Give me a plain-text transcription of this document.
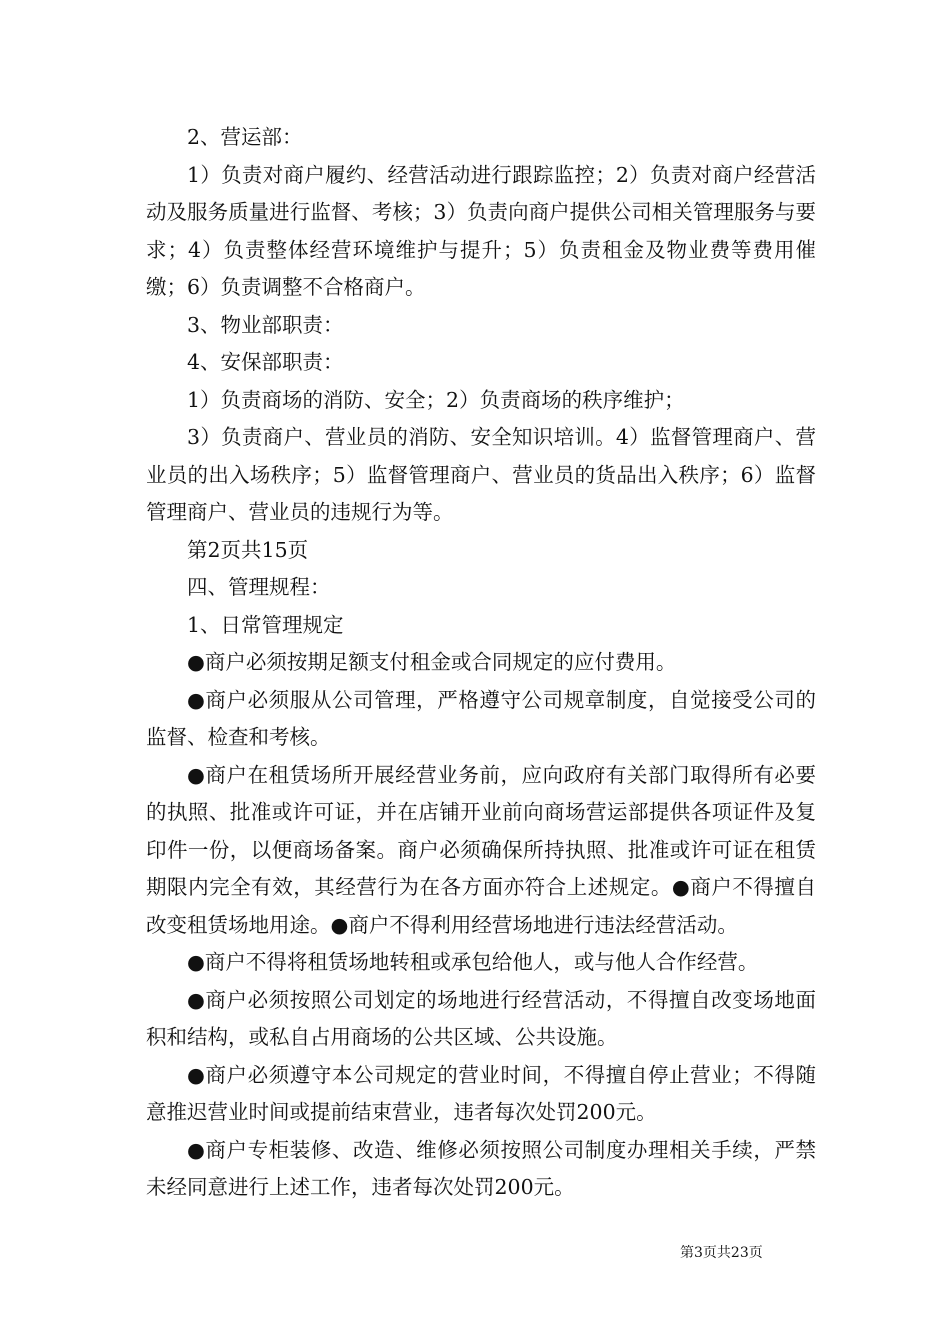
2、营运部：

1）负责对商户履约、经营活动进行跟踪监控；2）负责对商户经营活动及服务质量进行监督、考核；3）负责向商户提供公司相关管理服务与要求；4）负责整体经营环境维护与提升；5）负责租金及物业费等费用催缴；6）负责调整不合格商户。

3、物业部职责：

4、安保部职责：

1）负责商场的消防、安全；2）负责商场的秩序维护；

3）负责商户、营业员的消防、安全知识培训。4）监督管理商户、营业员的出入场秩序；5）监督管理商户、营业员的货品出入秩序；6）监督管理商户、营业员的违规行为等。

第2页共15页

四、管理规程：

1、日常管理规定

●商户必须按期足额支付租金或合同规定的应付费用。

●商户必须服从公司管理，严格遵守公司规章制度，自觉接受公司的监督、检查和考核。

●商户在租赁场所开展经营业务前，应向政府有关部门取得所有必要的执照、批准或许可证，并在店铺开业前向商场营运部提供各项证件及复印件一份，以便商场备案。商户必须确保所持执照、批准或许可证在租赁期限内完全有效，其经营行为在各方面亦符合上述规定。●商户不得擅自改变租赁场地用途。●商户不得利用经营场地进行违法经营活动。

●商户不得将租赁场地转租或承包给他人，或与他人合作经营。

●商户必须按照公司划定的场地进行经营活动，不得擅自改变场地面积和结构，或私自占用商场的公共区域、公共设施。

●商户必须遵守本公司规定的营业时间，不得擅自停止营业；不得随意推迟营业时间或提前结束营业，违者每次处罚200元。

●商户专柜装修、改造、维修必须按照公司制度办理相关手续，严禁未经同意进行上述工作，违者每次处罚200元。

第3页共23页
